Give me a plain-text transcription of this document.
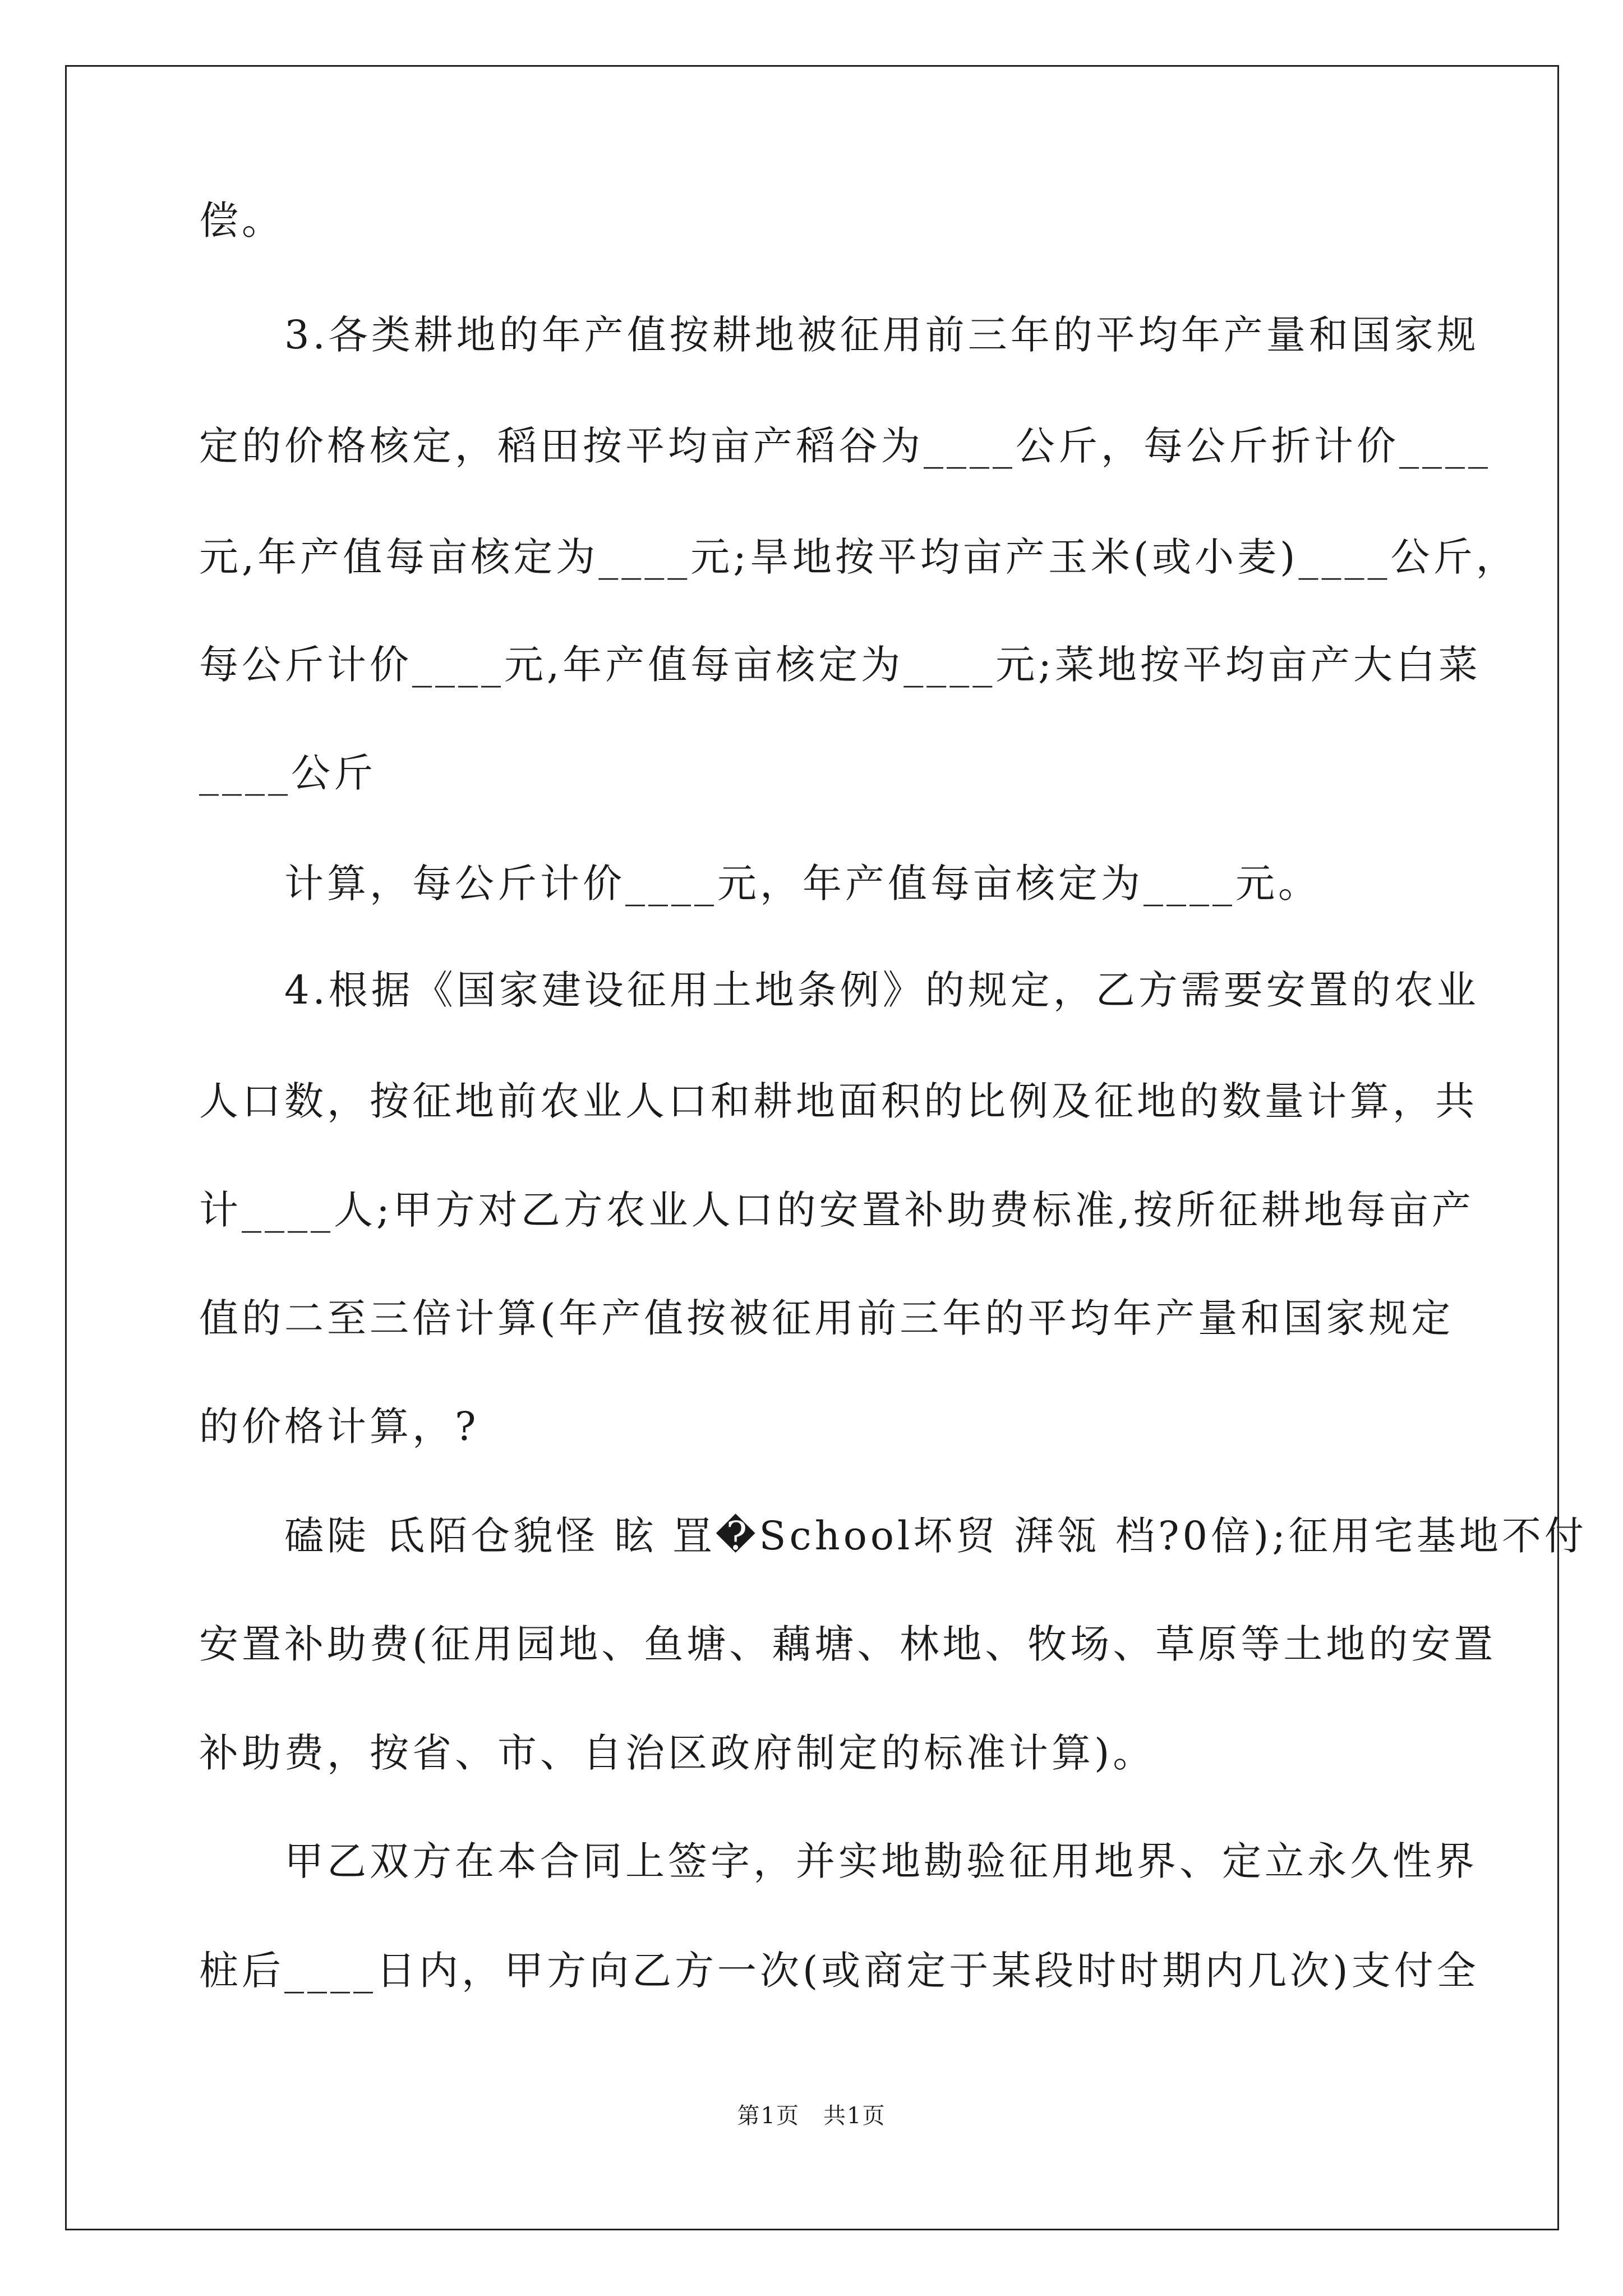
偿。

　　3.各类耕地的年产值按耕地被征用前三年的平均年产量和国家规

定的价格核定，稻田按平均亩产稻谷为____公斤，每公斤折计价____

元,年产值每亩核定为____元;旱地按平均亩产玉米(或小麦)____公斤，

每公斤计价____元,年产值每亩核定为____元;菜地按平均亩产大白菜

____公斤

　　计算，每公斤计价____元，年产值每亩核定为____元。

　　4.根据《国家建设征用土地条例》的规定，乙方需要安置的农业

人口数，按征地前农业人口和耕地面积的比例及征地的数量计算，共

计____人;甲方对乙方农业人口的安置补助费标准,按所征耕地每亩产

值的二至三倍计算(年产值按被征用前三年的平均年产量和国家规定

的价格计算，?

　　磕陡 氐陌仓貌怪 眩 罝�School坏贸 湃瓴 档?0倍);征用宅基地不付

安置补助费(征用园地、鱼塘、藕塘、林地、牧场、草原等土地的安置

补助费，按省、市、自治区政府制定的标准计算)。

　　甲乙双方在本合同上签字，并实地勘验征用地界、定立永久性界

桩后____日内，甲方向乙方一次(或商定于某段时时期内几次)支付全

第1页　共1页
